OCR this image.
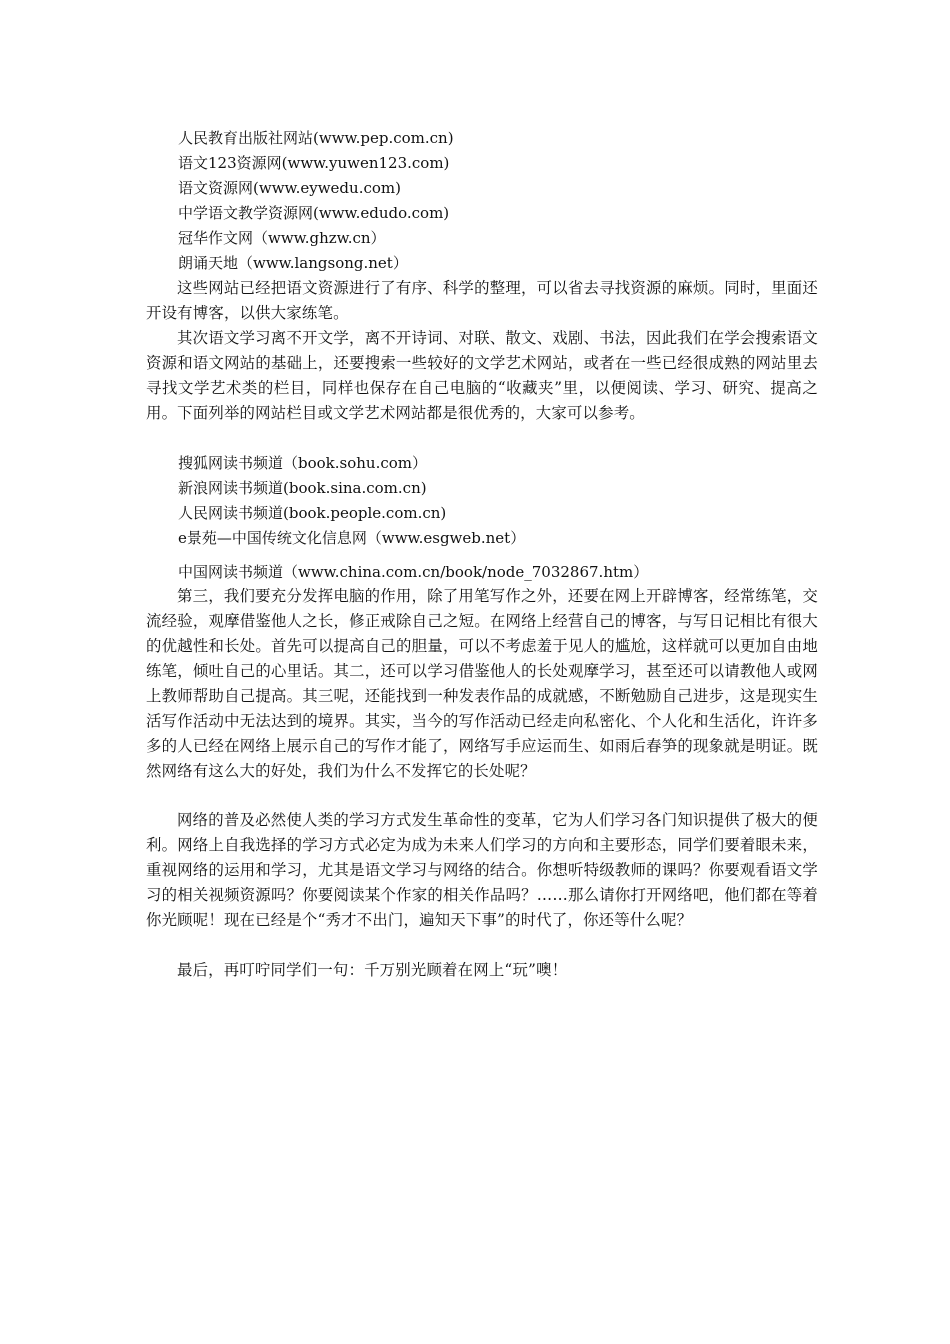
人民教育出版社网站(www.pep.com.cn)

语文123资源网(www.yuwen123.com)

语文资源网(www.eywedu.com)

中学语文教学资源网(www.edudo.com)

冠华作文网（www.ghzw.cn）

朗诵天地（www.langsong.net）

这些网站已经把语文资源进行了有序、科学的整理，可以省去寻找资源的麻烦。同时，里面还开设有博客，以供大家练笔。

其次语文学习离不开文学，离不开诗词、对联、散文、戏剧、书法，因此我们在学会搜索语文资源和语文网站的基础上，还要搜索一些较好的文学艺术网站，或者在一些已经很成熟的网站里去寻找文学艺术类的栏目，同样也保存在自己电脑的“收藏夹”里，以便阅读、学习、研究、提高之用。下面列举的网站栏目或文学艺术网站都是很优秀的，大家可以参考。

搜狐网读书频道（book.sohu.com）

新浪网读书频道(book.sina.com.cn)

人民网读书频道(book.people.com.cn)

e景苑—中国传统文化信息网（www.esgweb.net）

中国网读书频道（www.china.com.cn/book/node_7032867.htm）

第三，我们要充分发挥电脑的作用，除了用笔写作之外，还要在网上开辟博客，经常练笔，交流经验，观摩借鉴他人之长，修正戒除自己之短。在网络上经营自己的博客，与写日记相比有很大的优越性和长处。首先可以提高自己的胆量，可以不考虑羞于见人的尴尬，这样就可以更加自由地练笔，倾吐自己的心里话。其二，还可以学习借鉴他人的长处观摩学习，甚至还可以请教他人或网上教师帮助自己提高。其三呢，还能找到一种发表作品的成就感，不断勉励自己进步，这是现实生活写作活动中无法达到的境界。其实，当今的写作活动已经走向私密化、个人化和生活化，许许多多的人已经在网络上展示自己的写作才能了，网络写手应运而生、如雨后春笋的现象就是明证。既然网络有这么大的好处，我们为什么不发挥它的长处呢？

网络的普及必然使人类的学习方式发生革命性的变革，它为人们学习各门知识提供了极大的便利。网络上自我选择的学习方式必定为成为未来人们学习的方向和主要形态，同学们要着眼未来，重视网络的运用和学习，尤其是语文学习与网络的结合。你想听特级教师的课吗？你要观看语文学习的相关视频资源吗？你要阅读某个作家的相关作品吗？……那么请你打开网络吧，他们都在等着你光顾呢！现在已经是个“秀才不出门，遍知天下事”的时代了，你还等什么呢？

最后，再叮咛同学们一句：千万别光顾着在网上“玩”噢！
